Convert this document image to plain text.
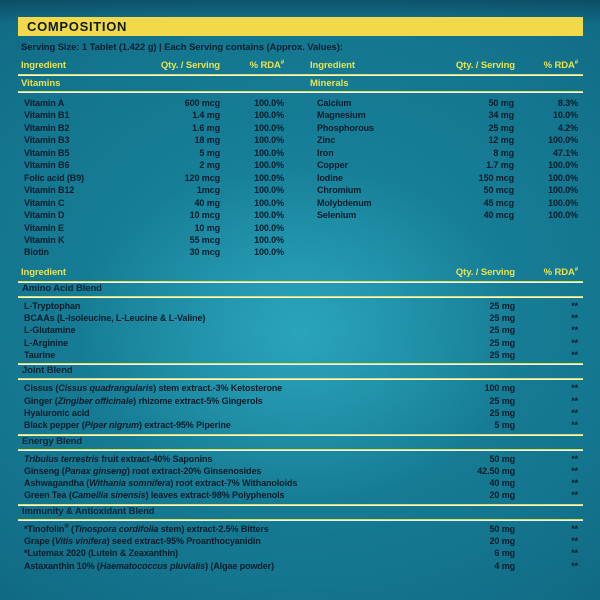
COMPOSITION
Serving Size: 1 Tablet (1.422 g) | Each Serving contains (Approx. Values):
Ingredient	Qty. / Serving	% RDA#	Ingredient	Qty. / Serving	% RDA#
Vitamins	Minerals
Vitamin A	600 mcg	100.0%
Vitamin B1	1.4 mg	100.0%
Vitamin B2	1.6 mg	100.0%
Vitamin B3	18 mg	100.0%
Vitamin B5	5 mg	100.0%
Vitamin B6	2 mg	100.0%
Folic acid (B9)	120 mcg	100.0%
Vitamin B12	1mcg	100.0%
Vitamin C	40 mg	100.0%
Vitamin D	10 mcg	100.0%
Vitamin E	10 mg	100.0%
Vitamin K	55 mcg	100.0%
Biotin	30 mcg	100.0%
Calcium	50 mg	8.3%
Magnesium	34 mg	10.0%
Phosphorous	25 mg	4.2%
Zinc	12 mg	100.0%
Iron	8 mg	47.1%
Copper	1.7 mg	100.0%
Iodine	150 mcg	100.0%
Chromium	50 mcg	100.0%
Molybdenum	45 mcg	100.0%
Selenium	40 mcg	100.0%
Ingredient	Qty. / Serving	% RDA#
Amino Acid Blend
L-Tryptophan	25 mg	**
BCAAs (L-Isoleucine, L-Leucine & L-Valine)	25 mg	**
L-Glutamine	25 mg	**
L-Arginine	25 mg	**
Taurine	25 mg	**
Joint Blend
Cissus (Cissus quadrangularis) stem extract.-3% Ketosterone	100 mg	**
Ginger (Zingiber officinale) rhizome extract-5% Gingerols	25 mg	**
Hyaluronic acid	25 mg	**
Black pepper (Piper nigrum) extract-95% Piperine	5 mg	**
Energy Blend
Tribulus terrestris fruit extract-40% Saponins	50 mg	**
Ginseng (Panax ginseng) root extract-20% Ginsenosides	42.50 mg	**
Ashwagandha (Withania somnifera) root extract-7% Withanoloids	40 mg	**
Green Tea (Camellia sinensis) leaves extract-98% Polyphenols	20 mg	**
Immunity & Antioxidant Blend
*Tinofolin® (Tinospora cordifolia stem) extract-2.5% Bitters	50 mg	**
Grape (Vitis vinifera) seed extract-95% Proanthocyanidin	20 mg	**
*Lutemax 2020 (Lutein & Zeaxanthin)	6 mg	**
Astaxanthin 10% (Haematococcus pluvialis) (Algae powder)	4 mg	**
